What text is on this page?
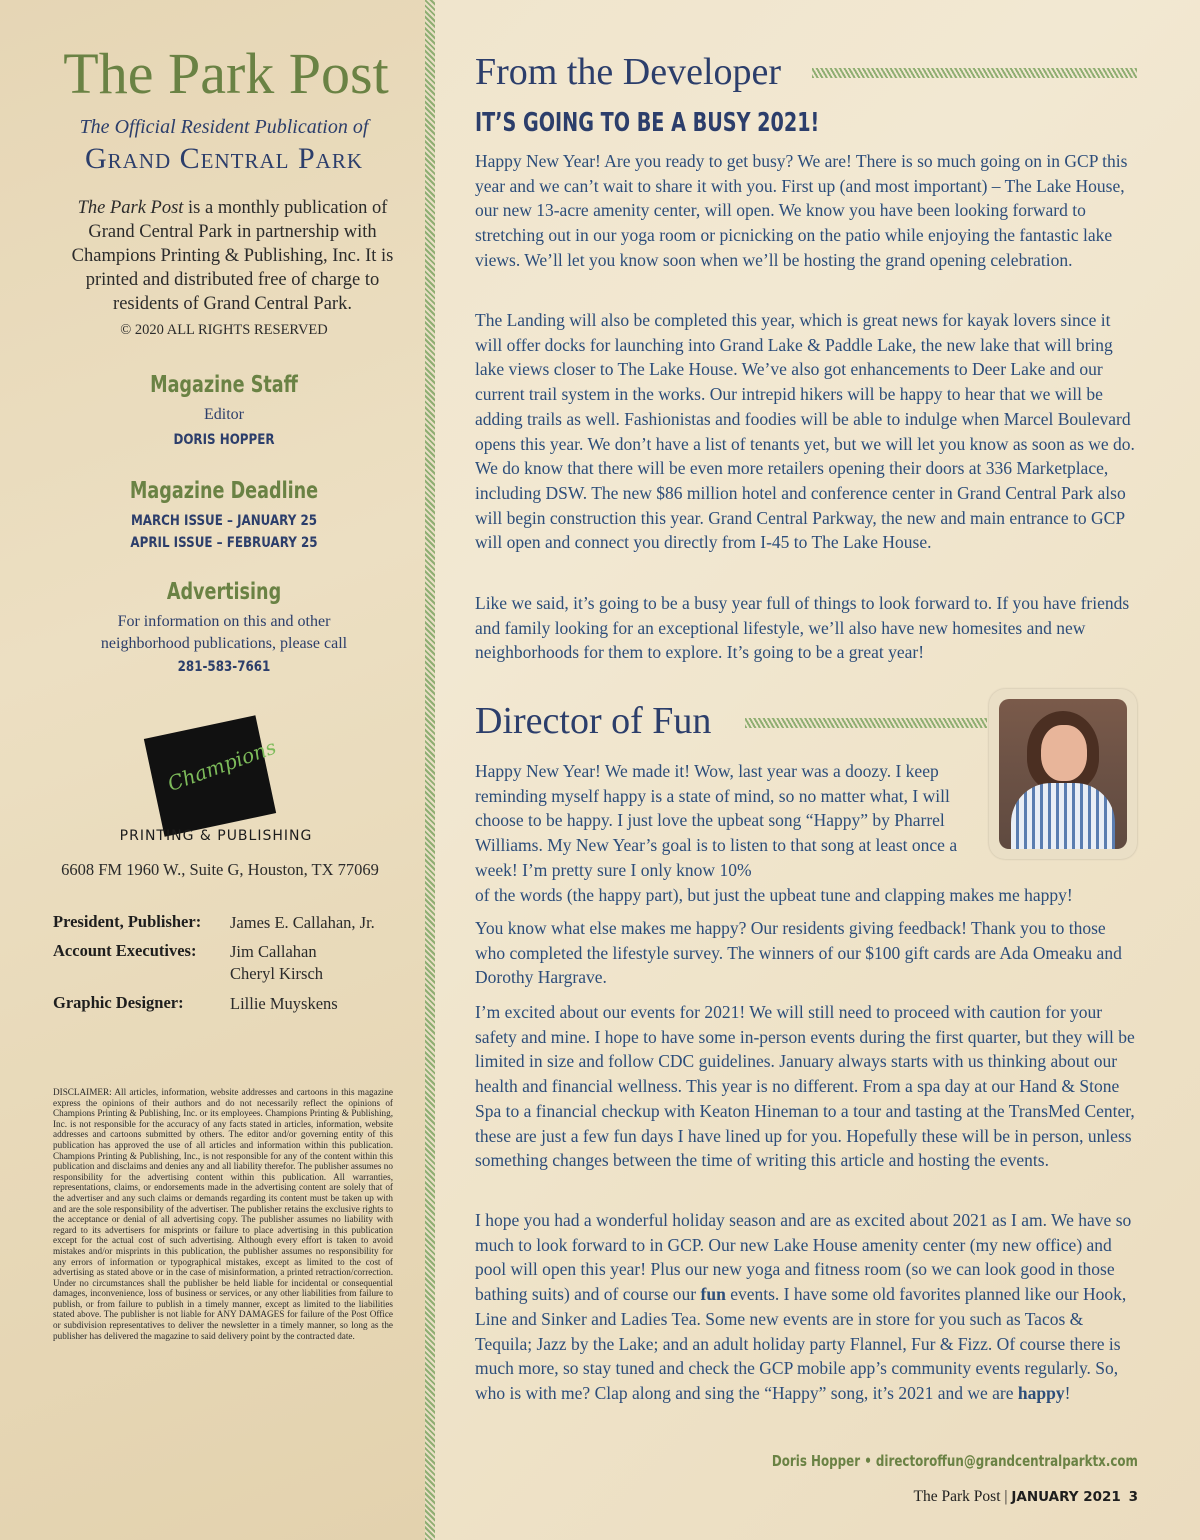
The Park Post
The Official Resident Publication of
Grand Central Park
The Park Post is a monthly publication of Grand Central Park in partnership with Champions Printing & Publishing, Inc. It is printed and distributed free of charge to residents of Grand Central Park.
© 2020 ALL RIGHTS RESERVED
Magazine Staff
Editor
DORIS HOPPER
Magazine Deadline
MARCH ISSUE – JANUARY 25
APRIL ISSUE – FEBRUARY 25
Advertising
For information on this and other
neighborhood publications, please call
281-583-7661
Champions
PRINTING & PUBLISHING
6608 FM 1960 W., Suite G, Houston, TX 77069
President, Publisher: James E. Callahan, Jr.
Account Executives: Jim Callahan
Cheryl Kirsch
Graphic Designer:	Lillie Muyskens
DISCLAIMER: All articles, information, website addresses and cartoons in this magazine express the opinions of their authors and do not necessarily reflect the opinions of Champions Printing & Publishing, Inc. or its employees. Champions Printing & Publishing, Inc. is not responsible for the accuracy of any facts stated in articles, information, website addresses and cartoons submitted by others. The editor and/or governing entity of this publication has approved the use of all articles and information within this publication. Champions Printing & Publishing, Inc., is not responsible for any of the content within this publication and disclaims and denies any and all liability therefor. The publisher assumes no responsibility for the advertising content within this publication. All warranties, representations, claims, or endorsements made in the advertising content are solely that of the advertiser and any such claims or demands regarding its content must be taken up with and are the sole responsibility of the advertiser. The publisher retains the exclusive rights to the acceptance or denial of all advertising copy. The publisher assumes no liability with regard to its advertisers for misprints or failure to place advertising in this publication except for the actual cost of such advertising. Although every effort is taken to avoid mistakes and/or misprints in this publication, the publisher assumes no responsibility for any errors of information or typographical mistakes, except as limited to the cost of advertising as stated above or in the case of misinformation, a printed retraction/correction. Under no circumstances shall the publisher be held liable for incidental or consequential damages, inconvenience, loss of business or services, or any other liabilities from failure to publish, or from failure to publish in a timely manner, except as limited to the liabilities stated above. The publisher is not liable for ANY DAMAGES for failure of the Post Office or subdivision representatives to deliver the newsletter in a timely manner, so long as the publisher has delivered the magazine to said delivery point by the contracted date.
From the Developer
IT’S GOING TO BE A BUSY 2021!
Happy New Year! Are you ready to get busy? We are! There is so much going on in GCP this year and we can’t wait to share it with you. First up (and most important) – The Lake House, our new 13-acre amenity center, will open. We know you have been looking forward to stretching out in our yoga room or picnicking on the patio while enjoying the fantastic lake views. We’ll let you know soon when we’ll be hosting the grand opening celebration.
The Landing will also be completed this year, which is great news for kayak lovers since it will offer docks for launching into Grand Lake & Paddle Lake, the new lake that will bring lake views closer to The Lake House. We’ve also got enhancements to Deer Lake and our current trail system in the works. Our intrepid hikers will be happy to hear that we will be adding trails as well. Fashionistas and foodies will be able to indulge when Marcel Boulevard opens this year. We don’t have a list of tenants yet, but we will let you know as soon as we do. We do know that there will be even more retailers opening their doors at 336 Marketplace, including DSW. The new $86 million hotel and conference center in Grand Central Park also will begin construction this year. Grand Central Parkway, the new and main entrance to GCP will open and connect you directly from I-45 to The Lake House.
Like we said, it’s going to be a busy year full of things to look forward to. If you have friends and family looking for an exceptional lifestyle, we’ll also have new homesites and new neighborhoods for them to explore. It’s going to be a great year!
Director of Fun
Happy New Year! We made it! Wow, last year was a doozy. I keep reminding myself happy is a state of mind, so no matter what, I will choose to be happy. I just love the upbeat song “Happy” by Pharrel Williams. My New Year’s goal is to listen to that song at least once a week! I’m pretty sure I only know 10%
of the words (the happy part), but just the upbeat tune and clapping makes me happy!
You know what else makes me happy? Our residents giving feedback! Thank you to those who completed the lifestyle survey. The winners of our $100 gift cards are Ada Omeaku and Dorothy Hargrave.
I’m excited about our events for 2021! We will still need to proceed with caution for your safety and mine. I hope to have some in-person events during the first quarter, but they will be limited in size and follow CDC guidelines. January always starts with us thinking about our health and financial wellness. This year is no different. From a spa day at our Hand & Stone Spa to a financial checkup with Keaton Hineman to a tour and tasting at the TransMed Center, these are just a few fun days I have lined up for you. Hopefully these will be in person, unless something changes between the time of writing this article and hosting the events.
I hope you had a wonderful holiday season and are as excited about 2021 as I am. We have so much to look forward to in GCP. Our new Lake House amenity center (my new office) and pool will open this year! Plus our new yoga and fitness room (so we can look good in those bathing suits) and of course our fun events. I have some old favorites planned like our Hook, Line and Sinker and Ladies Tea. Some new events are in store for you such as Tacos & Tequila; Jazz by the Lake; and an adult holiday party Flannel, Fur & Fizz. Of course there is much more, so stay tuned and check the GCP mobile app’s community events regularly. So, who is with me? Clap along and sing the “Happy” song, it’s 2021 and we are happy!
Doris Hopper • directoroffun@grandcentralparktx.com
The Park Post | JANUARY 2021 3
